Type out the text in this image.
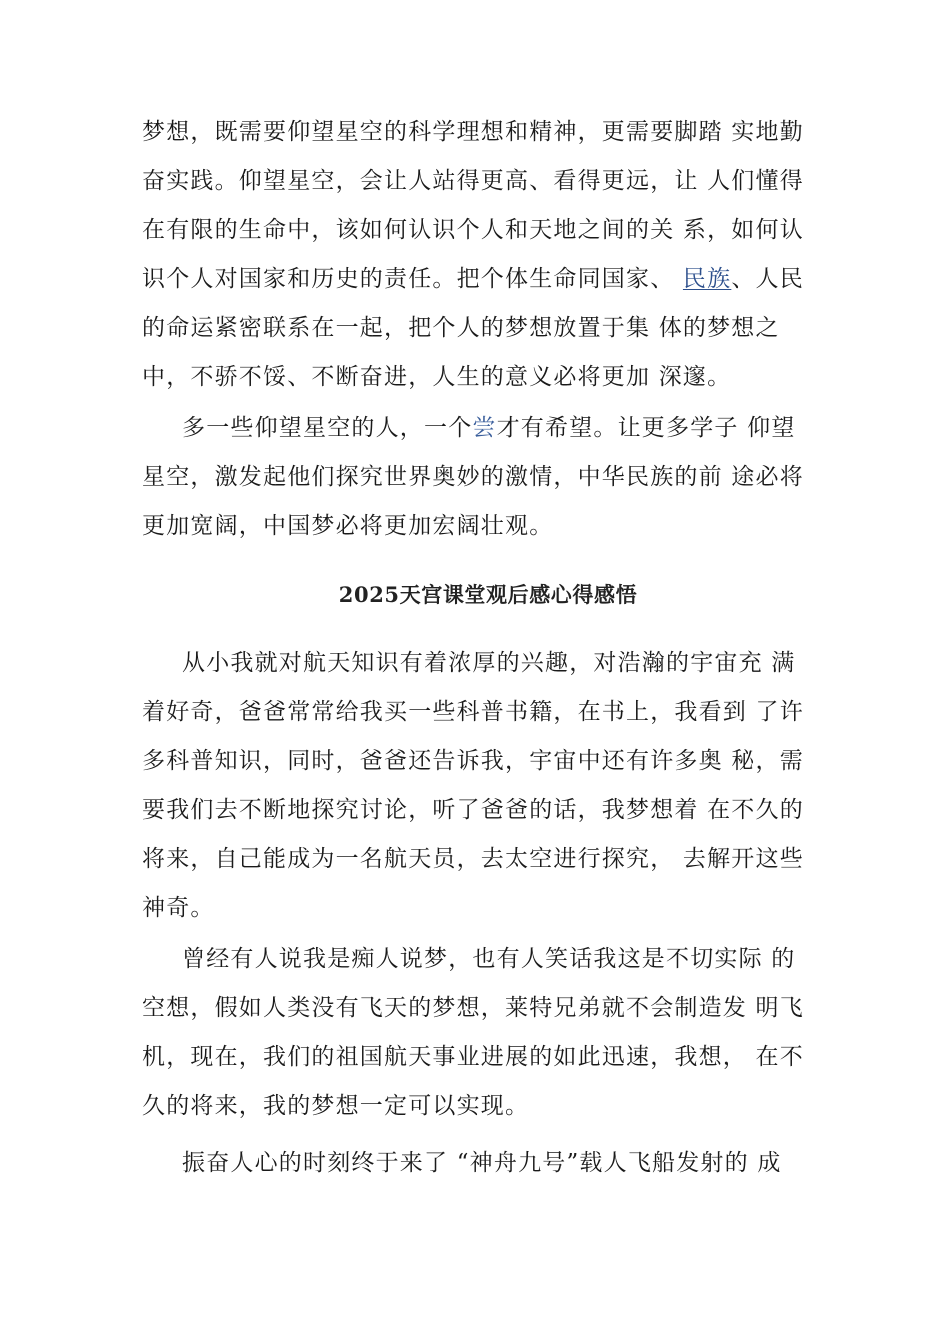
梦想，既需要仰望星空的科学理想和精神，更需要脚踏 实地勤
奋实践。仰望星空，会让人站得更高、看得更远，让 人们懂得
在有限的生命中，该如何认识个人和天地之间的关 系，如何认
识个人对国家和历史的责任。把个体生命同国家、 民族、人民
的命运紧密联系在一起，把个人的梦想放置于集 体的梦想之
中，不骄不馁、不断奋进，人生的意义必将更加 深邃。
多一些仰望星空的人，一个尝才有希望。让更多学子 仰望
星空，激发起他们探究世界奥妙的激情，中华民族的前 途必将
更加宽阔，中国梦必将更加宏阔壮观。
2025天宫课堂观后感心得感悟
从小我就对航天知识有着浓厚的兴趣，对浩瀚的宇宙充 满
着好奇，爸爸常常给我买一些科普书籍，在书上，我看到 了许
多科普知识，同时，爸爸还告诉我，宇宙中还有许多奥 秘，需
要我们去不断地探究讨论，听了爸爸的话，我梦想着 在不久的
将来，自己能成为一名航天员，去太空进行探究， 去解开这些
神奇。
曾经有人说我是痴人说梦，也有人笑话我这是不切实际 的
空想，假如人类没有飞天的梦想，莱特兄弟就不会制造发 明飞
机，现在，我们的祖国航天事业进展的如此迅速，我想， 在不
久的将来，我的梦想一定可以实现。
振奋人心的时刻终于来了 “神舟九号”载人飞船发射的 成
